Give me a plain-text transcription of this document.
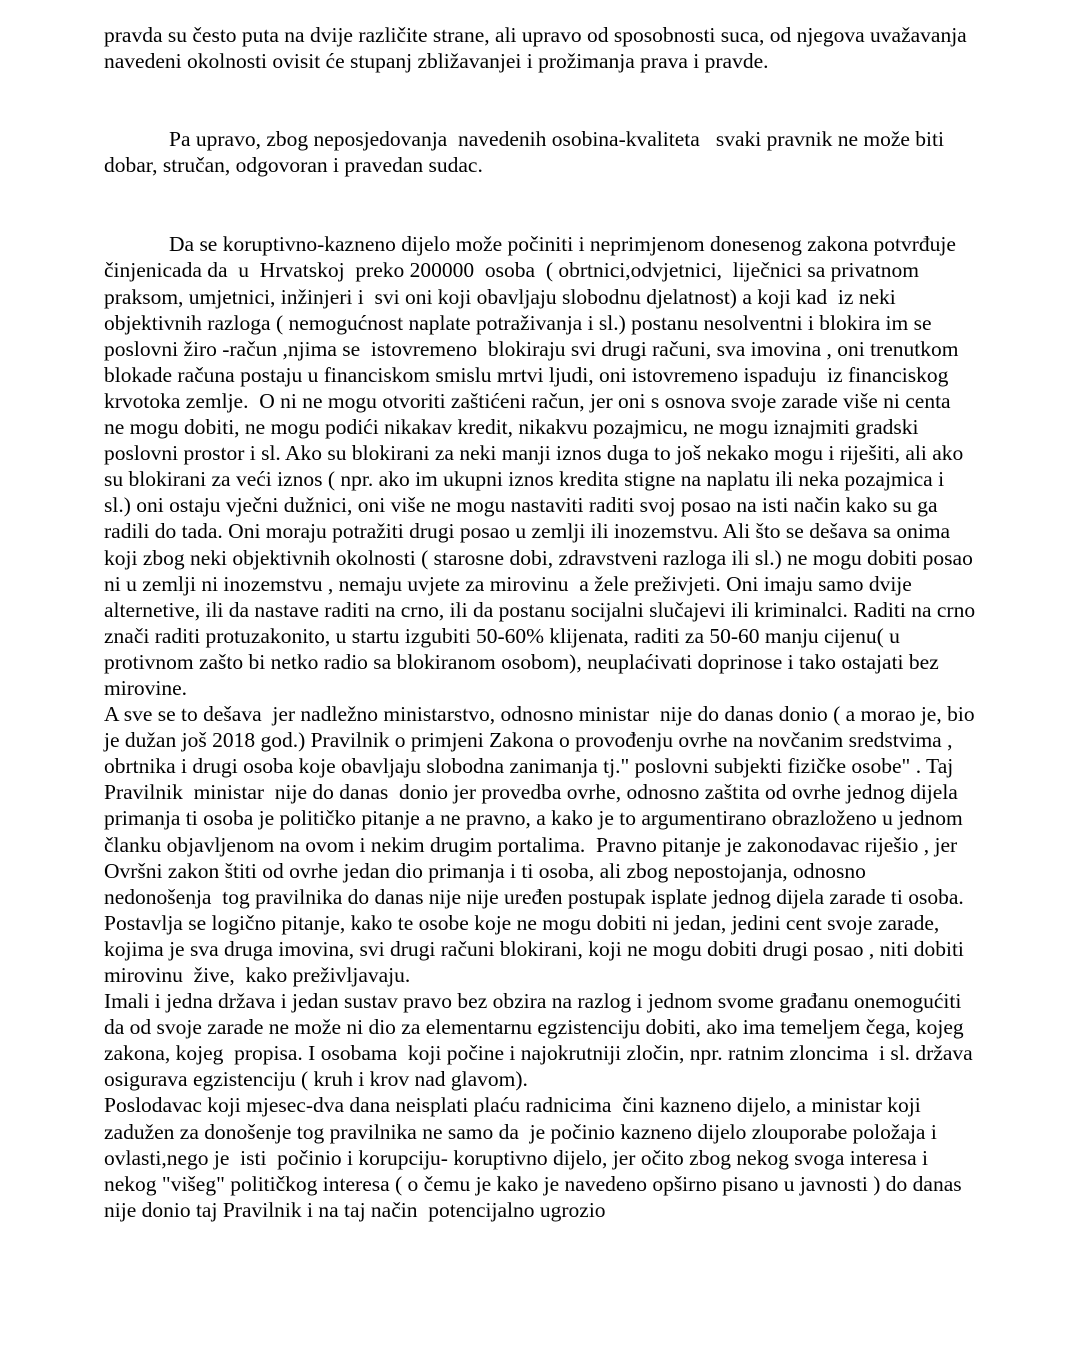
pravda su često puta na dvije različite strane, ali upravo od sposobnosti suca, od njegova uvažavanja navedeni okolnosti ovisit će stupanj zbližavanjei i prožimanja prava i pravde.

Pa upravo, zbog neposjedovanja  navedenih osobina-kvaliteta   svaki pravnik ne može biti dobar, stručan, odgovoran i pravedan sudac.

Da se koruptivno-kazneno dijelo može počiniti i neprimjenom donesenog zakona potvrđuje činjenicada da  u  Hrvatskoj  preko 200000  osoba  ( obrtnici,odvjetnici,  liječnici sa privatnom praksom, umjetnici, inžinjeri i  svi oni koji obavljaju slobodnu djelatnost) a koji kad  iz neki objektivnih razloga ( nemogućnost naplate potraživanja i sl.) postanu nesolventni i blokira im se  poslovni žiro -račun ,njima se  istovremeno  blokiraju svi drugi računi, sva imovina , oni trenutkom blokade računa postaju u financiskom smislu mrtvi ljudi, oni istovremeno ispaduju  iz financiskog krvotoka zemlje.  O ni ne mogu otvoriti zaštićeni račun, jer oni s osnova svoje zarade više ni centa ne mogu dobiti, ne mogu podići nikakav kredit, nikakvu pozajmicu, ne mogu iznajmiti gradski poslovni prostor i sl. Ako su blokirani za neki manji iznos duga to još nekako mogu i riješiti, ali ako su blokirani za veći iznos ( npr. ako im ukupni iznos kredita stigne na naplatu ili neka pozajmica i sl.) oni ostaju vječni dužnici, oni više ne mogu nastaviti raditi svoj posao na isti način kako su ga radili do tada. Oni moraju potražiti drugi posao u zemlji ili inozemstvu. Ali što se dešava sa onima koji zbog neki objektivnih okolnosti ( starosne dobi, zdravstveni razloga ili sl.) ne mogu dobiti posao ni u zemlji ni inozemstvu , nemaju uvjete za mirovinu  a žele preživjeti. Oni imaju samo dvije alternetive, ili da nastave raditi na crno, ili da postanu socijalni slučajevi ili kriminalci. Raditi na crno znači raditi protuzakonito, u startu izgubiti 50-60% klijenata, raditi za 50-60 manju cijenu( u protivnom zašto bi netko radio sa blokiranom osobom), neuplaćivati doprinose i tako ostajati bez mirovine.

A sve se to dešava  jer nadležno ministarstvo, odnosno ministar  nije do danas donio ( a morao je, bio je dužan još 2018 god.) Pravilnik o primjeni Zakona o provođenju ovrhe na novčanim sredstvima ,  obrtnika i drugi osoba koje obavljaju slobodna zanimanja tj." poslovni subjekti fizičke osobe" . Taj Pravilnik  ministar  nije do danas  donio jer provedba ovrhe, odnosno zaštita od ovrhe jednog dijela primanja ti osoba je političko pitanje a ne pravno, a kako je to argumentirano obrazloženo u jednom članku objavljenom na ovom i nekim drugim portalima.  Pravno pitanje je zakonodavac riješio , jer Ovršni zakon štiti od ovrhe jedan dio primanja i ti osoba, ali zbog nepostojanja, odnosno nedonošenja  tog pravilnika do danas nije nije uređen postupak isplate jednog dijela zarade ti osoba.

Postavlja se logično pitanje, kako te osobe koje ne mogu dobiti ni jedan, jedini cent svoje zarade, kojima je sva druga imovina, svi drugi računi blokirani, koji ne mogu dobiti drugi posao , niti dobiti mirovinu  žive,  kako preživljavaju.

Imali i jedna država i jedan sustav pravo bez obzira na razlog i jednom svome građanu onemogućiti da od svoje zarade ne može ni dio za elementarnu egzistenciju dobiti, ako ima temeljem čega, kojeg zakona, kojeg  propisa. I osobama  koji počine i najokrutniji zločin, npr. ratnim zloncima  i sl. država osigurava egzistenciju ( kruh i krov nad glavom).

Poslodavac koji mjesec-dva dana neisplati plaću radnicima  čini kazneno dijelo, a ministar koji zadužen za donošenje tog pravilnika ne samo da  je počinio kazneno dijelo zlouporabe položaja i ovlasti,nego je  isti  počinio i korupciju- koruptivno dijelo, jer očito zbog nekog svoga interesa i nekog "višeg" političkog interesa ( o čemu je kako je navedeno opširno pisano u javnosti ) do danas nije donio taj Pravilnik i na taj način  potencijalno ugrozio
